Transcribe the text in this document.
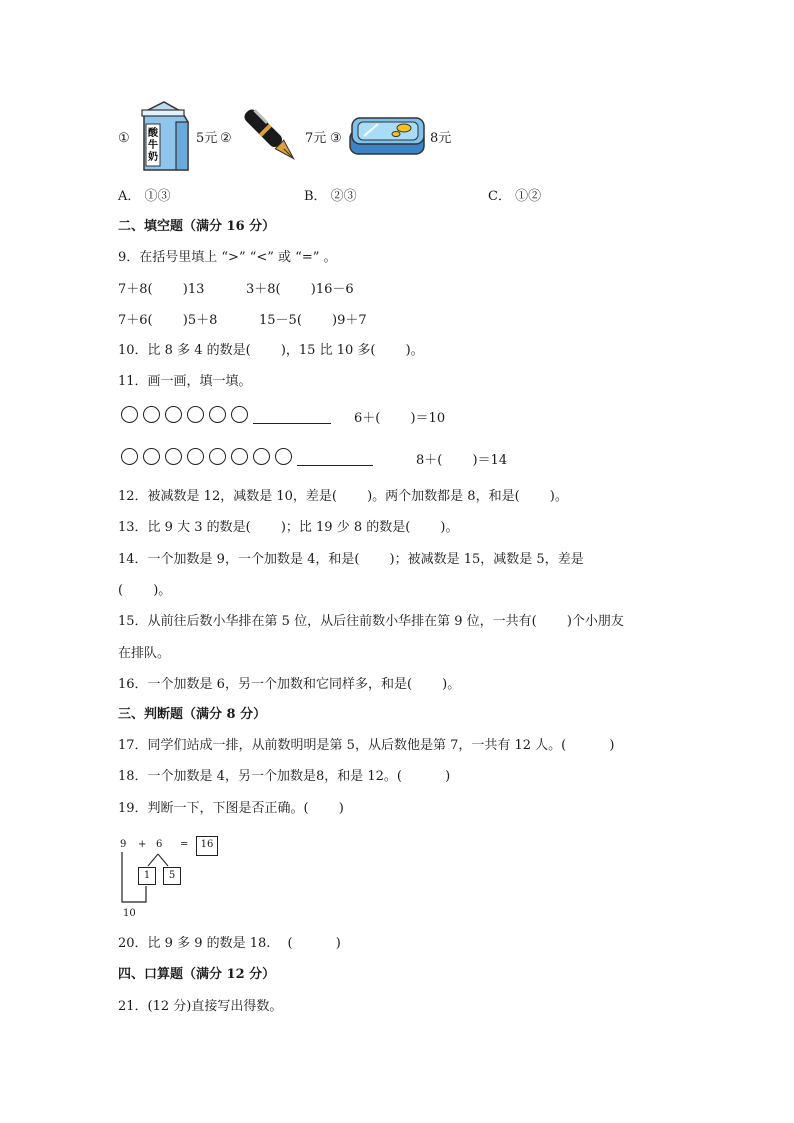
① 酸
牛
奶
5元 ②	7元 ③	8元
A． ①③	B． ②③	C． ①②
二、填空题（满分 16 分）
9．在括号里填上 “>” “<” 或 “=” 。
7＋8(　　 )13	3＋8(　　 )16－6
7＋6(　　 )5＋8	15－5(　　 )9＋7
10．比 8 多 4 的数是(　　 )，15 比 10 多(　　 )。
11．画一画，填一填。
6＋(　　 )＝10
8＋(　　 )＝14
12．被减数是 12，减数是 10，差是(　　 )。两个加数都是 8，和是(　　 )。
13．比 9 大 3 的数是(　　 )；比 19 少 8 的数是(　　 )。
14．一个加数是 9，一个加数是 4，和是(　　 )；被减数是 15，减数是 5，差是
(　　 )。
15．从前往后数小华排在第 5 位，从后往前数小华排在第 9 位，一共有(　　 )个小朋友
在排队。
16．一个加数是 6，另一个加数和它同样多，和是(　　 )。
三、判断题（满分 8 分）
17．同学们站成一排，从前数明明是第 5，从后数他是第 7，一共有 12 人。(　　　 )
18．一个加数是 4，另一个加数是8，和是 12。(　　　 )
19．判断一下，下图是否正确。(　　 )
9 + 6 =	16
1	5
10
20．比 9 多 9 的数是 18.　 (　　　 )
四、口算题（满分 12 分）
21．(12 分)直接写出得数。
